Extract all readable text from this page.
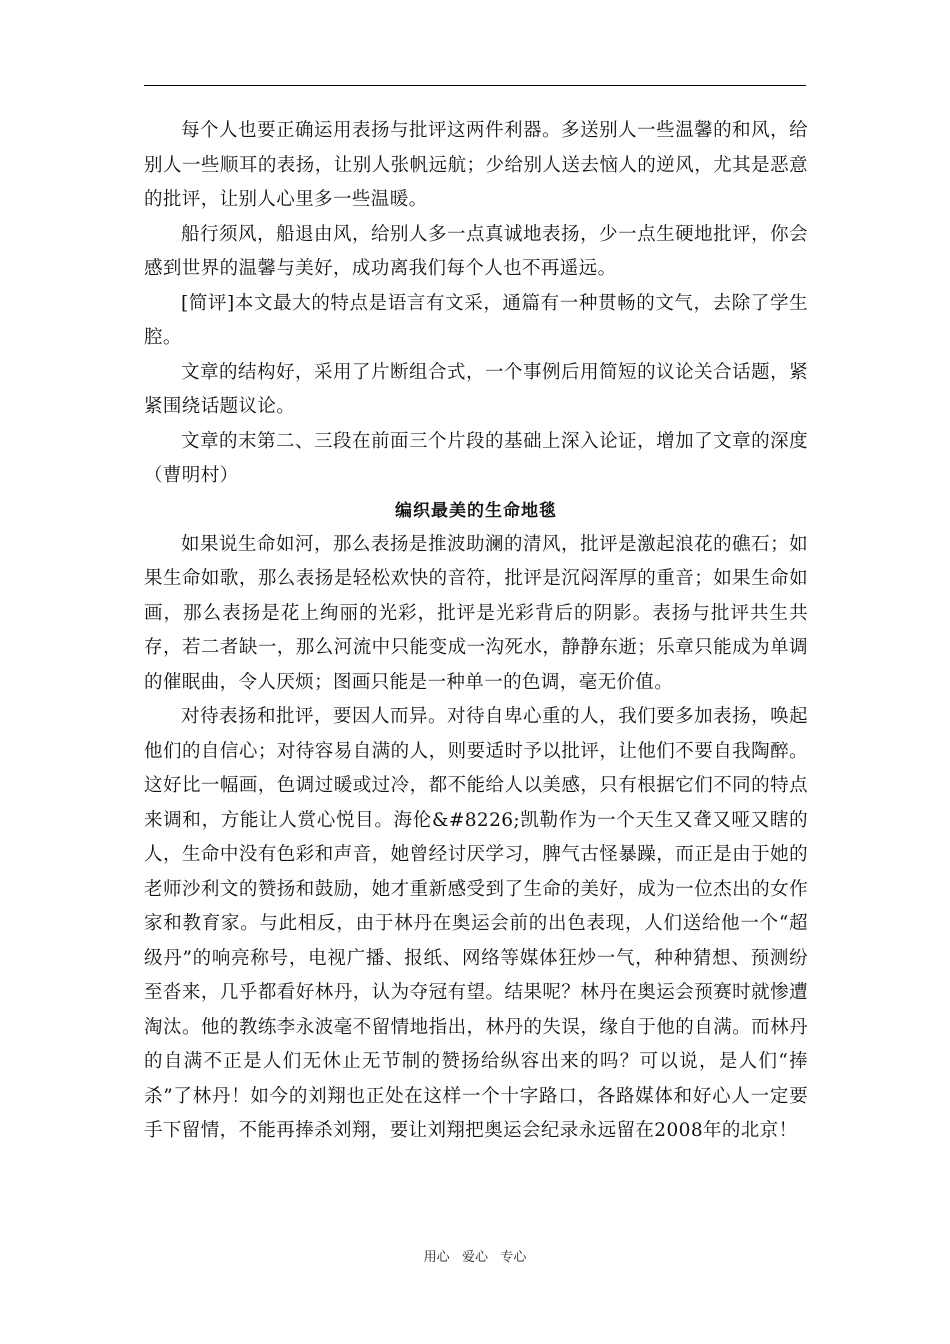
每个人也要正确运用表扬与批评这两件利器。多送别人一些温馨的和风，给别人一些顺耳的表扬，让别人张帆远航；少给别人送去恼人的逆风，尤其是恶意的批评，让别人心里多一些温暖。

船行须风，船退由风，给别人多一点真诚地表扬，少一点生硬地批评，你会感到世界的温馨与美好，成功离我们每个人也不再遥远。

[简评]本文最大的特点是语言有文采，通篇有一种贯畅的文气，去除了学生腔。

文章的结构好，采用了片断组合式，一个事例后用简短的议论关合话题，紧紧围绕话题议论。

文章的末第二、三段在前面三个片段的基础上深入论证，增加了文章的深度（曹明村）

编织最美的生命地毯

如果说生命如河，那么表扬是推波助澜的清风，批评是激起浪花的礁石；如果生命如歌，那么表扬是轻松欢快的音符，批评是沉闷浑厚的重音；如果生命如画，那么表扬是花上绚丽的光彩，批评是光彩背后的阴影。表扬与批评共生共存，若二者缺一，那么河流中只能变成一沟死水，静静东逝；乐章只能成为单调的催眠曲，令人厌烦；图画只能是一种单一的色调，毫无价值。

对待表扬和批评，要因人而异。对待自卑心重的人，我们要多加表扬，唤起他们的自信心；对待容易自满的人，则要适时予以批评，让他们不要自我陶醉。这好比一幅画，色调过暖或过冷，都不能给人以美感，只有根据它们不同的特点来调和，方能让人赏心悦目。海伦&#8226;凯勒作为一个天生又聋又哑又瞎的人，生命中没有色彩和声音，她曾经讨厌学习，脾气古怪暴躁，而正是由于她的老师沙利文的赞扬和鼓励，她才重新感受到了生命的美好，成为一位杰出的女作家和教育家。与此相反，由于林丹在奥运会前的出色表现，人们送给他一个“超级丹”的响亮称号，电视广播、报纸、网络等媒体狂炒一气，种种猜想、预测纷至沓来，几乎都看好林丹，认为夺冠有望。结果呢？林丹在奥运会预赛时就惨遭淘汰。他的教练李永波毫不留情地指出，林丹的失误，缘自于他的自满。而林丹的自满不正是人们无休止无节制的赞扬给纵容出来的吗？可以说，是人们“捧杀”了林丹！如今的刘翔也正处在这样一个十字路口，各路媒体和好心人一定要手下留情，不能再捧杀刘翔，要让刘翔把奥运会纪录永远留在2008年的北京！

用心   爱心   专心
